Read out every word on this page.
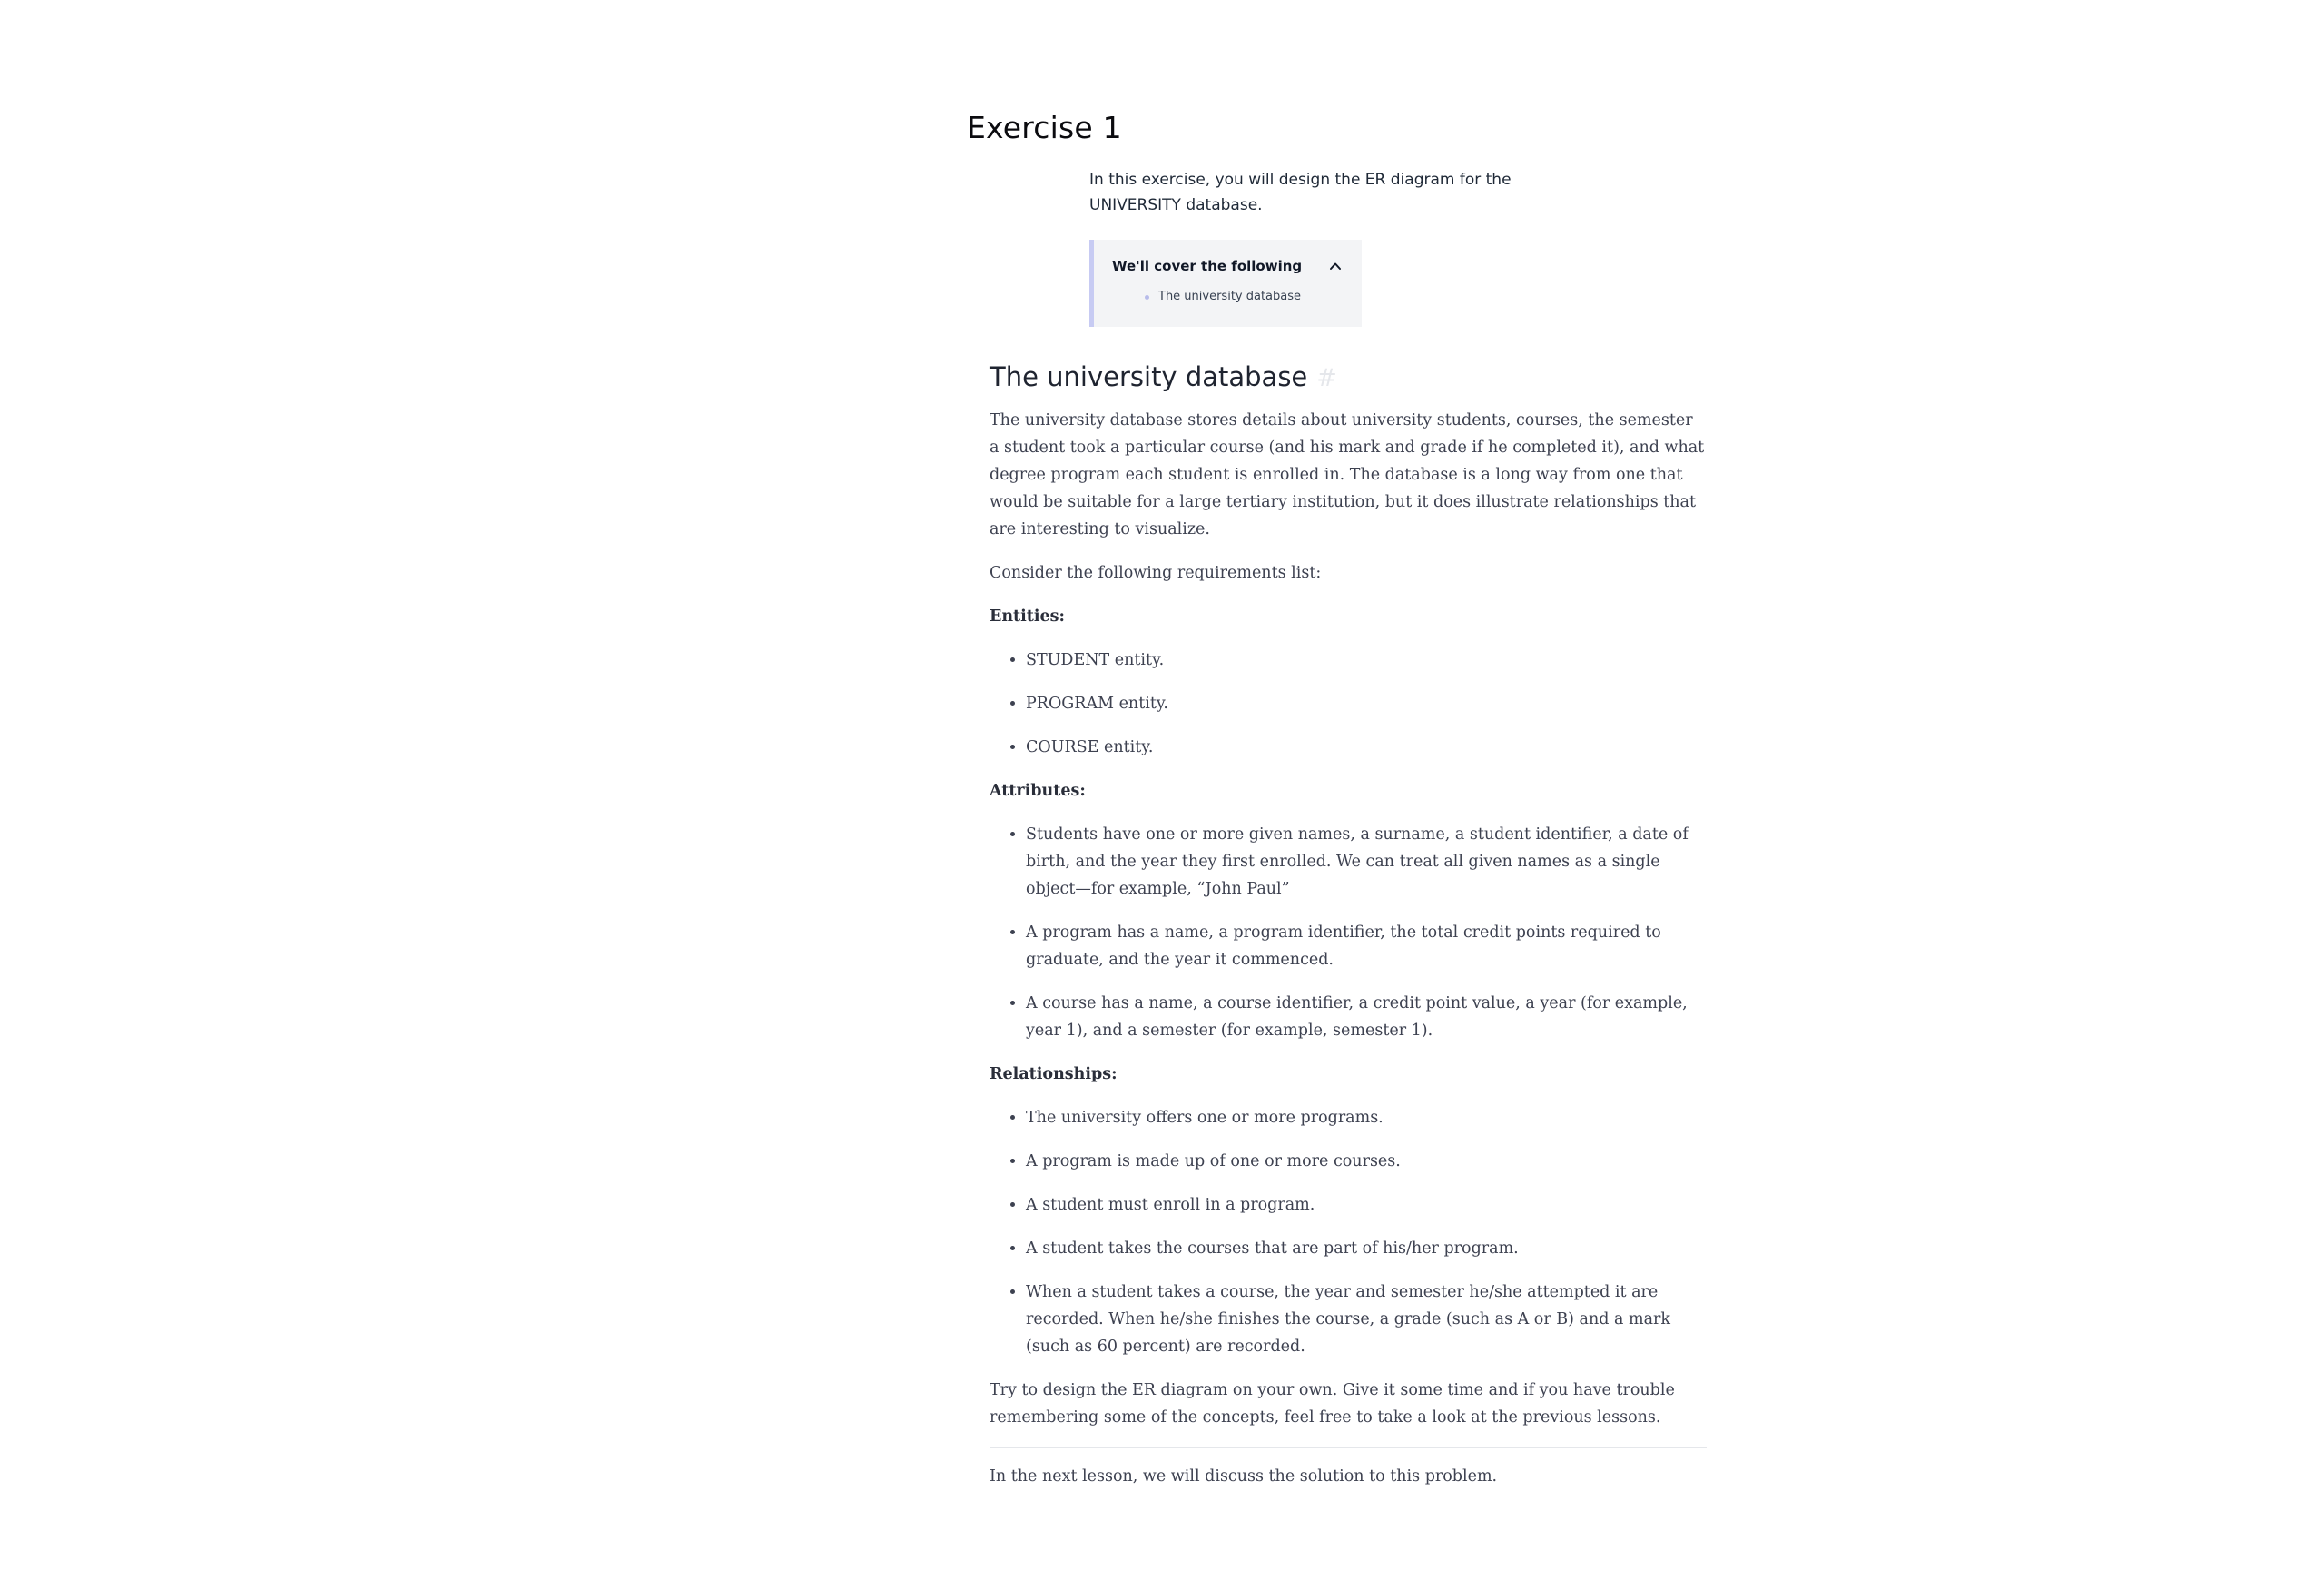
Exercise 1

In this exercise, you will design the ER diagram for the UNIVERSITY database.

We'll cover the following
The university database
The university database #

The university database stores details about university students, courses, the semester a student took a particular course (and his mark and grade if he completed it), and what degree program each student is enrolled in. The database is a long way from one that would be suitable for a large tertiary institution, but it does illustrate relationships that are interesting to visualize.

Consider the following requirements list:

Entities:

• STUDENT entity.
• PROGRAM entity.
• COURSE entity.

Attributes:

• Students have one or more given names, a surname, a student identifier, a date of birth, and the year they first enrolled. We can treat all given names as a single object—for example, “John Paul”
• A program has a name, a program identifier, the total credit points required to graduate, and the year it commenced.
• A course has a name, a course identifier, a credit point value, a year (for example, year 1), and a semester (for example, semester 1).

Relationships:

• The university offers one or more programs.
• A program is made up of one or more courses.
• A student must enroll in a program.
• A student takes the courses that are part of his/her program.
• When a student takes a course, the year and semester he/she attempted it are recorded. When he/she finishes the course, a grade (such as A or B) and a mark (such as 60 percent) are recorded.

Try to design the ER diagram on your own. Give it some time and if you have trouble remembering some of the concepts, feel free to take a look at the previous lessons.

In the next lesson, we will discuss the solution to this problem.
